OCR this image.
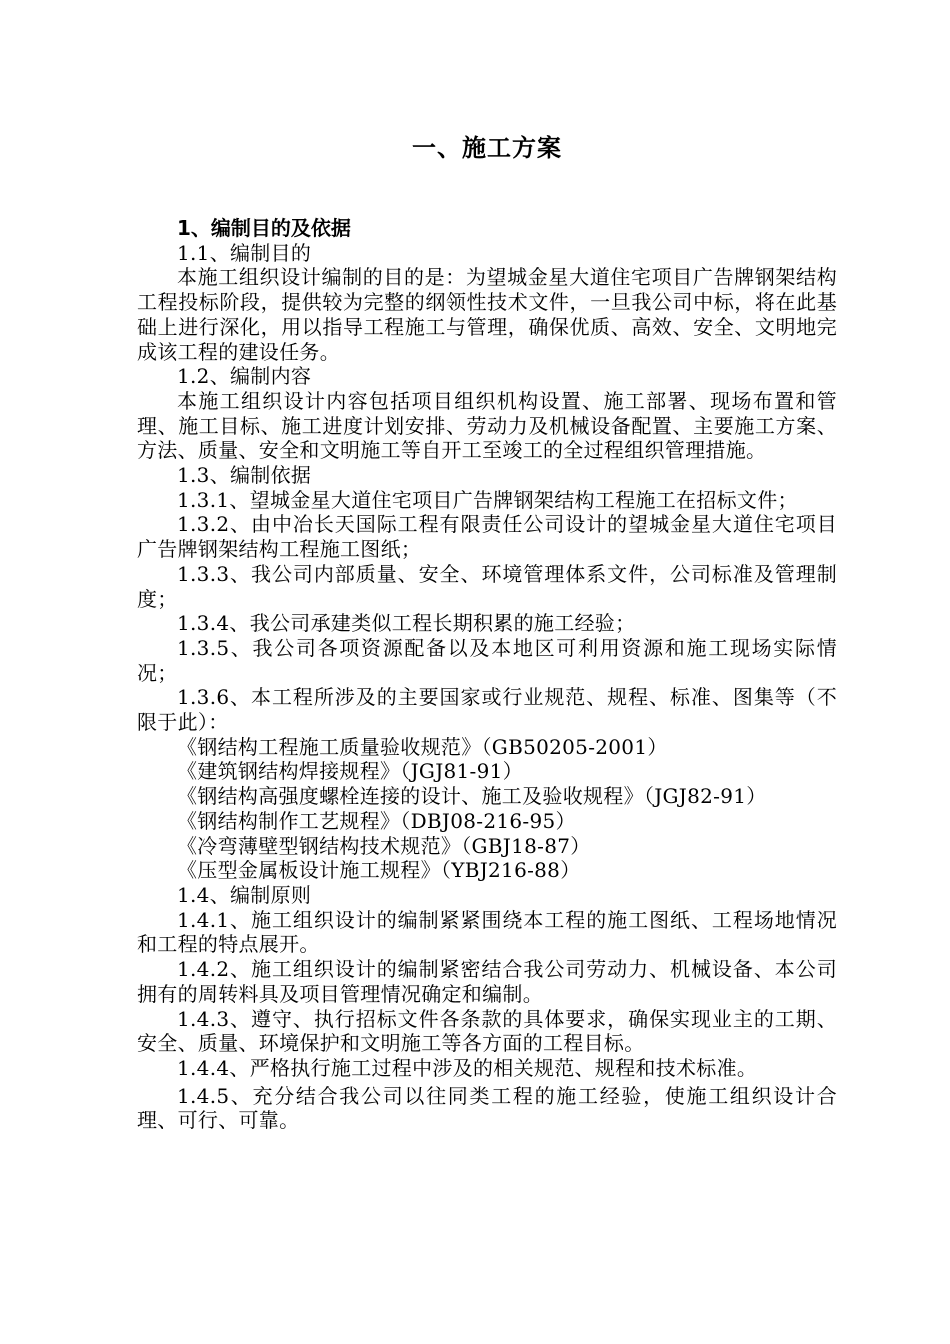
一、施工方案

1、编制目的及依据

1.1、编制目的

本施工组织设计编制的目的是：为望城金星大道住宅项目广告牌钢架结构工程投标阶段，提供较为完整的纲领性技术文件，一旦我公司中标，将在此基础上进行深化，用以指导工程施工与管理，确保优质、高效、安全、文明地完成该工程的建设任务。

1.2、编制内容

本施工组织设计内容包括项目组织机构设置、施工部署、现场布置和管理、施工目标、施工进度计划安排、劳动力及机械设备配置、主要施工方案、方法、质量、安全和文明施工等自开工至竣工的全过程组织管理措施。

1.3、编制依据

1.3.1、望城金星大道住宅项目广告牌钢架结构工程施工在招标文件；

1.3.2、由中冶长天国际工程有限责任公司设计的望城金星大道住宅项目广告牌钢架结构工程施工图纸；

1.3.3、我公司内部质量、安全、环境管理体系文件，公司标准及管理制度；

1.3.4、我公司承建类似工程长期积累的施工经验；

1.3.5、我公司各项资源配备以及本地区可利用资源和施工现场实际情况；

1.3.6、本工程所涉及的主要国家或行业规范、规程、标准、图集等（不限于此）：

《钢结构工程施工质量验收规范》（GB50205-2001）

《建筑钢结构焊接规程》（JGJ81-91）

《钢结构高强度螺栓连接的设计、施工及验收规程》（JGJ82-91）

《钢结构制作工艺规程》（DBJ08-216-95）

《冷弯薄壁型钢结构技术规范》（GBJ18-87）

《压型金属板设计施工规程》（YBJ216-88）

1.4、编制原则

1.4.1、施工组织设计的编制紧紧围绕本工程的施工图纸、工程场地情况和工程的特点展开。

1.4.2、施工组织设计的编制紧密结合我公司劳动力、机械设备、本公司拥有的周转料具及项目管理情况确定和编制。

1.4.3、遵守、执行招标文件各条款的具体要求，确保实现业主的工期、安全、质量、环境保护和文明施工等各方面的工程目标。

1.4.4、严格执行施工过程中涉及的相关规范、规程和技术标准。

1.4.5、充分结合我公司以往同类工程的施工经验，使施工组织设计合理、可行、可靠。
